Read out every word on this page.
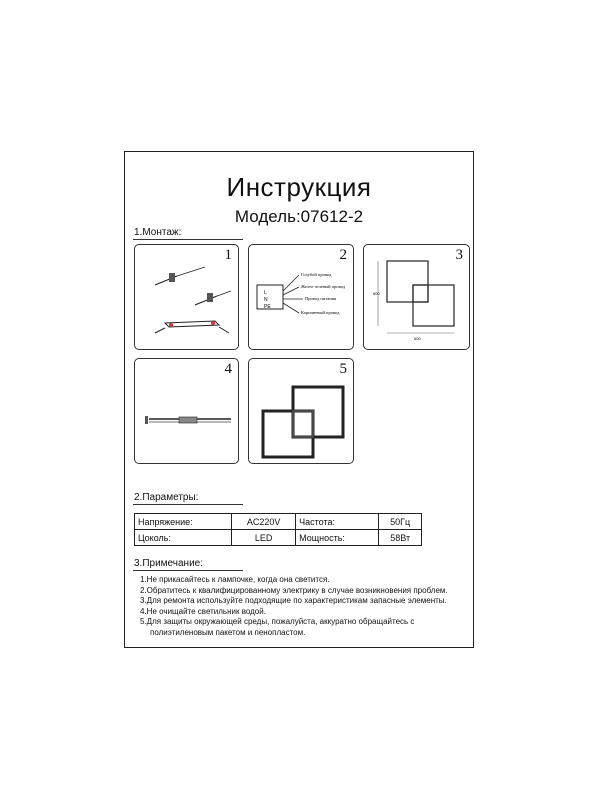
Инструкция
Модель:07612-2
1.Монтаж:
1	2
L
N
PE
Голубой провод
Желто-зеленый провод
Провод питания
Коричневый провод
3
600
600
4	5
2.Параметры:
Напряжение:	AC220V	Частота:	50Гц
Цоколь:	LED	Мощность:	58Вт
3.Примечание:
1.Не прикасайтесь к лампочке, когда она светится.
2.Обратитесь к квалифицированному электрику в случае возникновения проблем.
3.Для ремонта используйте подходящие по характеристикам запасные элементы.
4.Не очищайте светильник водой.
5.Для защиты окружающей среды, пожалуйста, аккуратно обращайтесь с
полиэтиленовым пакетом и пенопластом.
